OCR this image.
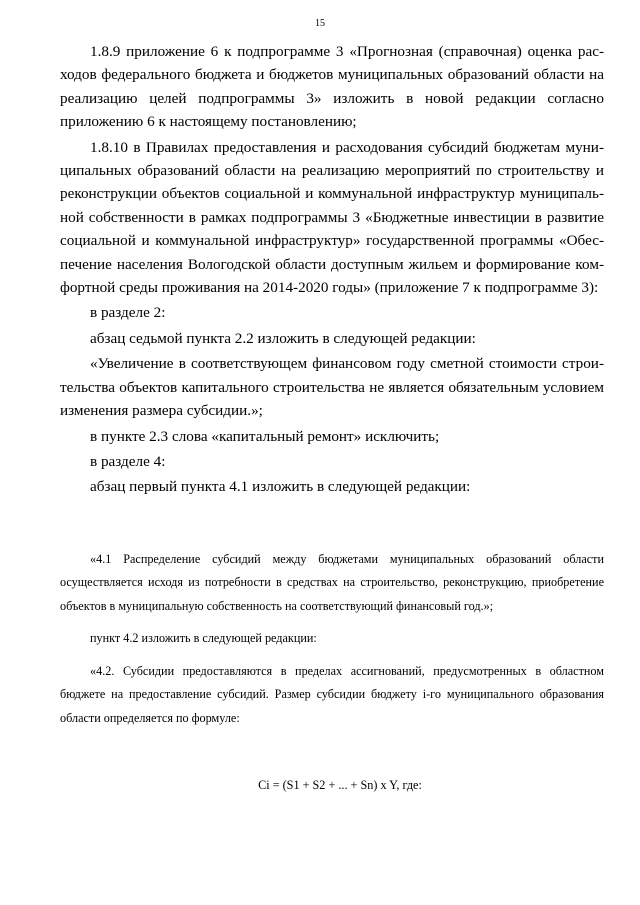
15

1.8.9 приложение 6 к подпрограмме 3 «Прогнозная (справочная) оценка расходов федерального бюджета и бюджетов муниципальных образований области на реализацию целей подпрограммы 3» изложить в новой редакции согласно приложению 6 к настоящему постановлению;

1.8.10 в Правилах предоставления и расходования субсидий бюджетам муниципальных образований области на реализацию мероприятий по строительству и реконструкции объектов социальной и коммунальной инфраструктур муниципальной собственности в рамках подпрограммы 3 «Бюджетные инвестиции в развитие социальной и коммунальной инфраструктур» государственной программы «Обеспечение населения Вологодской области доступным жильем и формирование комфортной среды проживания на 2014-2020 годы» (приложение 7 к подпрограмме 3):

в разделе 2:

абзац седьмой пункта 2.2 изложить в следующей редакции:

«Увеличение в соответствующем финансовом году сметной стоимости строительства объектов капитального строительства не является обязательным условием изменения размера субсидии.»;

в пункте 2.3 слова «капитальный ремонт» исключить;

в разделе 4:

абзац первый пункта 4.1 изложить в следующей редакции:

«4.1 Распределение субсидий между бюджетами муниципальных образований области осуществляется исходя из потребности в средствах на строительство, реконструкцию, приобретение объектов в муниципальную собственность на соответствующий финансовый год.»;

пункт 4.2 изложить в следующей редакции:

«4.2. Субсидии предоставляются в пределах ассигнований, предусмотренных в областном бюджете на предоставление субсидий. Размер субсидии бюджету i-го муниципального образования области определяется по формуле:

Ci = (S1 + S2 + ... + Sn) x Y, где:
